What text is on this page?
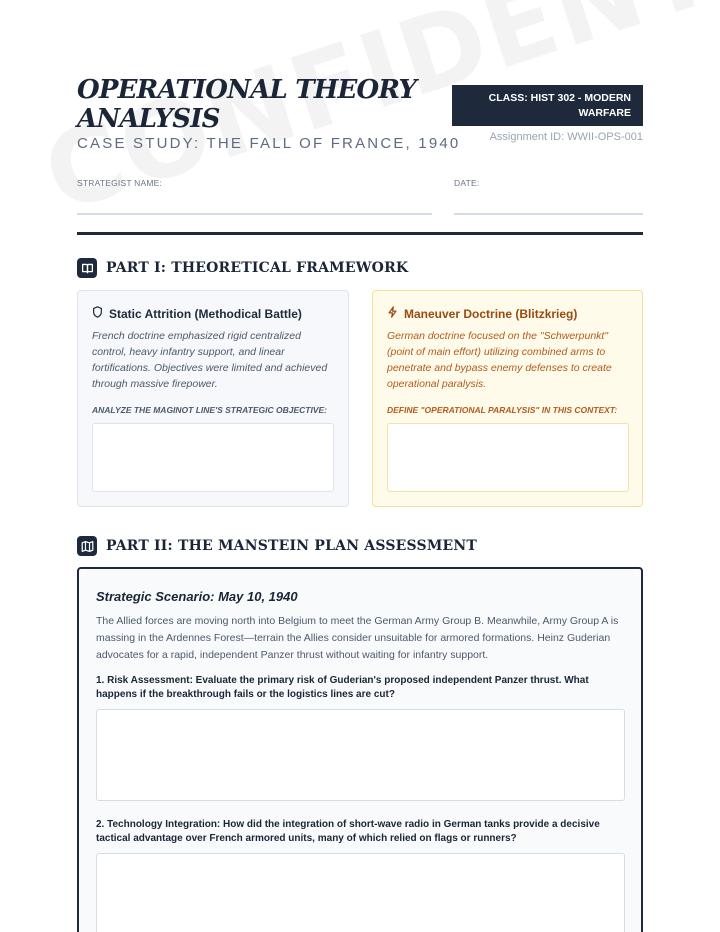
OPERATIONAL THEORY ANALYSIS
CASE STUDY: THE FALL OF FRANCE, 1940
CLASS: HIST 302 - MODERN WARFARE
Assignment ID: WWII-OPS-001
STRATEGIST NAME:	DATE:
PART I: THEORETICAL FRAMEWORK
Static Attrition (Methodical Battle)

French doctrine emphasized rigid centralized control, heavy infantry support, and linear fortifications. Objectives were limited and achieved through massive firepower.

ANALYZE THE MAGINOT LINE'S STRATEGIC OBJECTIVE:
Maneuver Doctrine (Blitzkrieg)

German doctrine focused on the "Schwerpunkt" (point of main effort) utilizing combined arms to penetrate and bypass enemy defenses to create operational paralysis.

DEFINE "OPERATIONAL PARALYSIS" IN THIS CONTEXT:
PART II: THE MANSTEIN PLAN ASSESSMENT
Strategic Scenario: May 10, 1940

The Allied forces are moving north into Belgium to meet the German Army Group B. Meanwhile, Army Group A is massing in the Ardennes Forest—terrain the Allies consider unsuitable for armored formations. Heinz Guderian advocates for a rapid, independent Panzer thrust without waiting for infantry support.

1. Risk Assessment: Evaluate the primary risk of Guderian's proposed independent Panzer thrust. What happens if the breakthrough fails or the logistics lines are cut?

2. Technology Integration: How did the integration of short-wave radio in German tanks provide a decisive tactical advantage over French armored units, many of which relied on flags or runners?
